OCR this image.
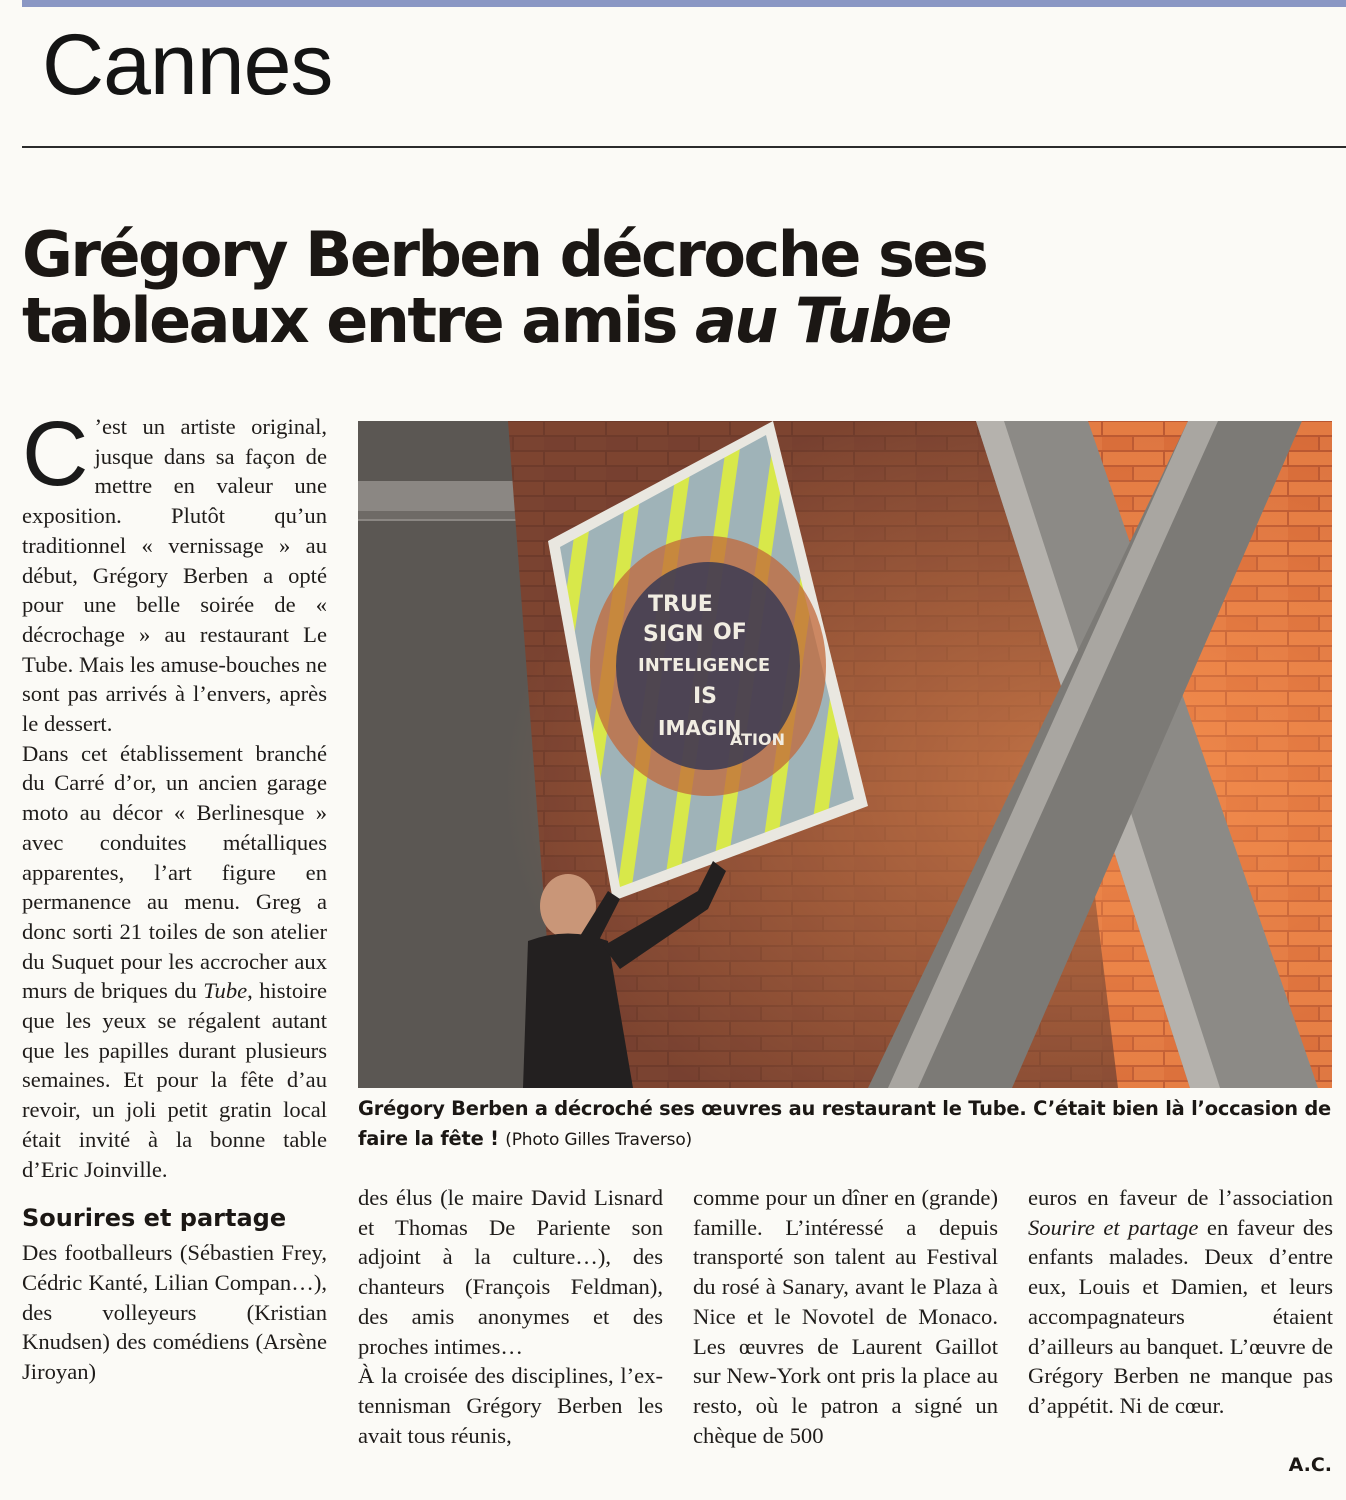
Cannes
Grégory Berben décroche ses
tableaux entre amis au Tube

C ’est un artiste original, jusque dans sa façon de mettre en valeur une exposition. Plutôt qu’un traditionnel « vernissage » au début, Grégory Berben a opté pour une belle soirée de « décrochage » au restaurant Le Tube. Mais les amuse-bouches ne sont pas arrivés à l’envers, après le dessert.

Dans cet établissement branché du Carré d’or, un ancien garage moto au décor « Berlinesque » avec conduites métalliques apparentes, l’art figure en permanence au menu. Greg a donc sorti 21 toiles de son atelier du Suquet pour les accrocher aux murs de briques du Tube, histoire que les yeux se régalent autant que les papilles durant plusieurs semaines. Et pour la fête d’au revoir, un joli petit gratin local était invité à la bonne table d’Eric Joinville.

Sourires et partage

Des footballeurs (Sébastien Frey, Cédric Kanté, Lilian Compan…), des volleyeurs (Kristian Knudsen) des comédiens (Arsène Jiroyan)

TRUE
SIGN OF
INTELIGENCE
IS
IMAGIN
ATION

Grégory Berben a décroché ses œuvres au restaurant le Tube. C’était bien là l’occasion de faire la fête ! (Photo Gilles Traverso)

des élus (le maire David Lisnard et Thomas De Pariente son adjoint à la culture…), des chanteurs (François Feldman), des amis anonymes et des proches intimes…

À la croisée des disciplines, l’ex-tennisman Grégory Berben les avait tous réunis,

comme pour un dîner en (grande) famille. L’intéressé a depuis transporté son talent au Festival du rosé à Sanary, avant le Plaza à Nice et le Novotel de Monaco. Les œuvres de Laurent Gaillot sur New-York ont pris la place au resto, où le patron a signé un chèque de 500

euros en faveur de l’association Sourire et partage en faveur des enfants malades. Deux d’entre eux, Louis et Damien, et leurs accompagnateurs étaient d’ailleurs au banquet. L’œuvre de Grégory Berben ne manque pas d’appétit. Ni de cœur.

A.C.
